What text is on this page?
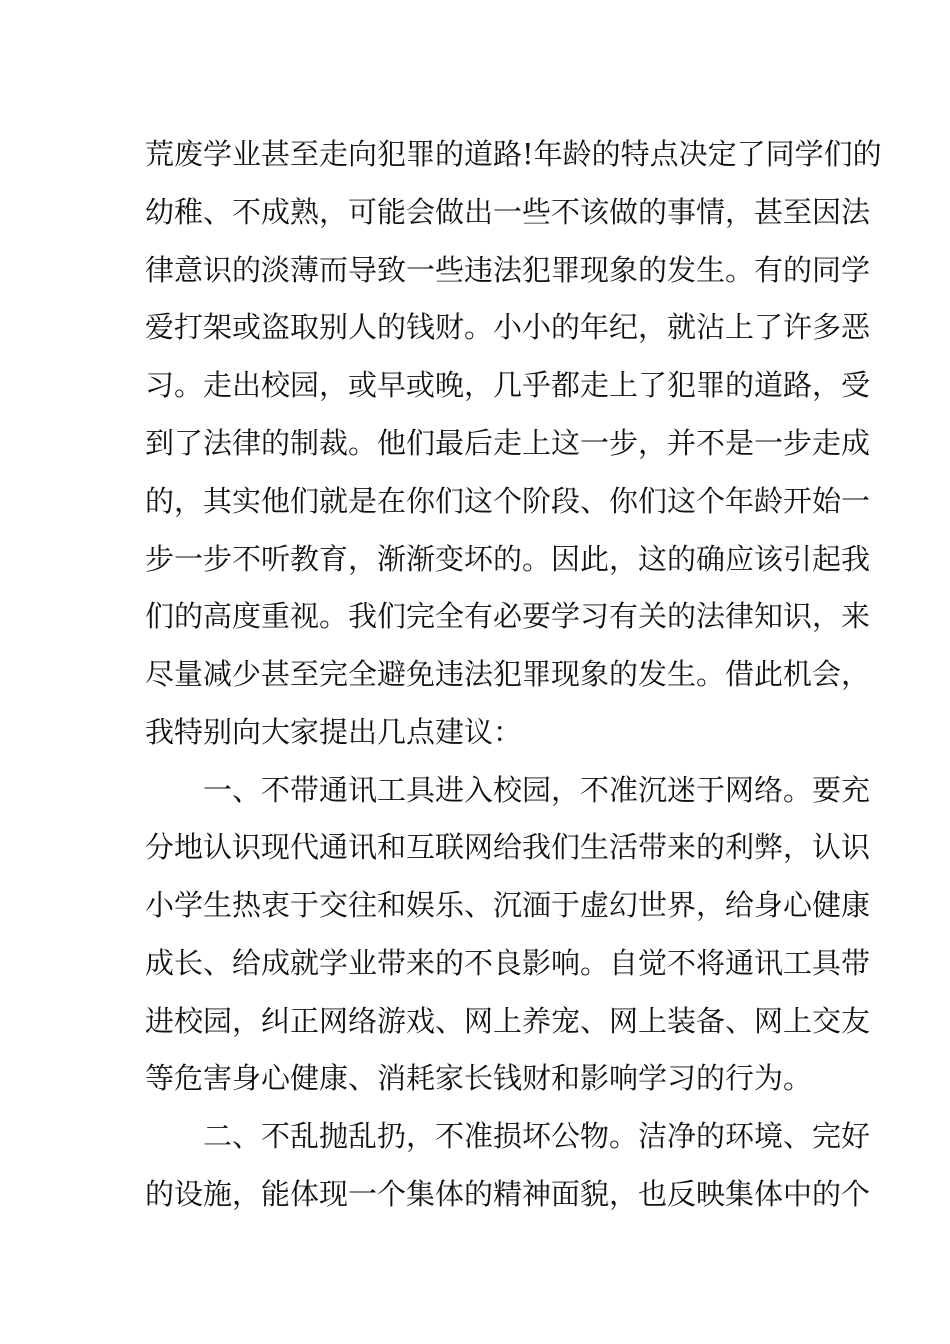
荒废学业甚至走向犯罪的道路!年龄的特点决定了同学们的
幼稚、不成熟，可能会做出一些不该做的事情，甚至因法
律意识的淡薄而导致一些违法犯罪现象的发生。有的同学
爱打架或盗取别人的钱财。小小的年纪，就沾上了许多恶
习。走出校园，或早或晚，几乎都走上了犯罪的道路，受
到了法律的制裁。他们最后走上这一步，并不是一步走成
的，其实他们就是在你们这个阶段、你们这个年龄开始一
步一步不听教育，渐渐变坏的。因此，这的确应该引起我
们的高度重视。我们完全有必要学习有关的法律知识，来
尽量减少甚至完全避免违法犯罪现象的发生。借此机会，
我特别向大家提出几点建议：
一、不带通讯工具进入校园，不准沉迷于网络。要充
分地认识现代通讯和互联网给我们生活带来的利弊，认识
小学生热衷于交往和娱乐、沉湎于虚幻世界，给身心健康
成长、给成就学业带来的不良影响。自觉不将通讯工具带
进校园，纠正网络游戏、网上养宠、网上装备、网上交友
等危害身心健康、消耗家长钱财和影响学习的行为。
二、不乱抛乱扔，不准损坏公物。洁净的环境、完好
的设施，能体现一个集体的精神面貌，也反映集体中的个
